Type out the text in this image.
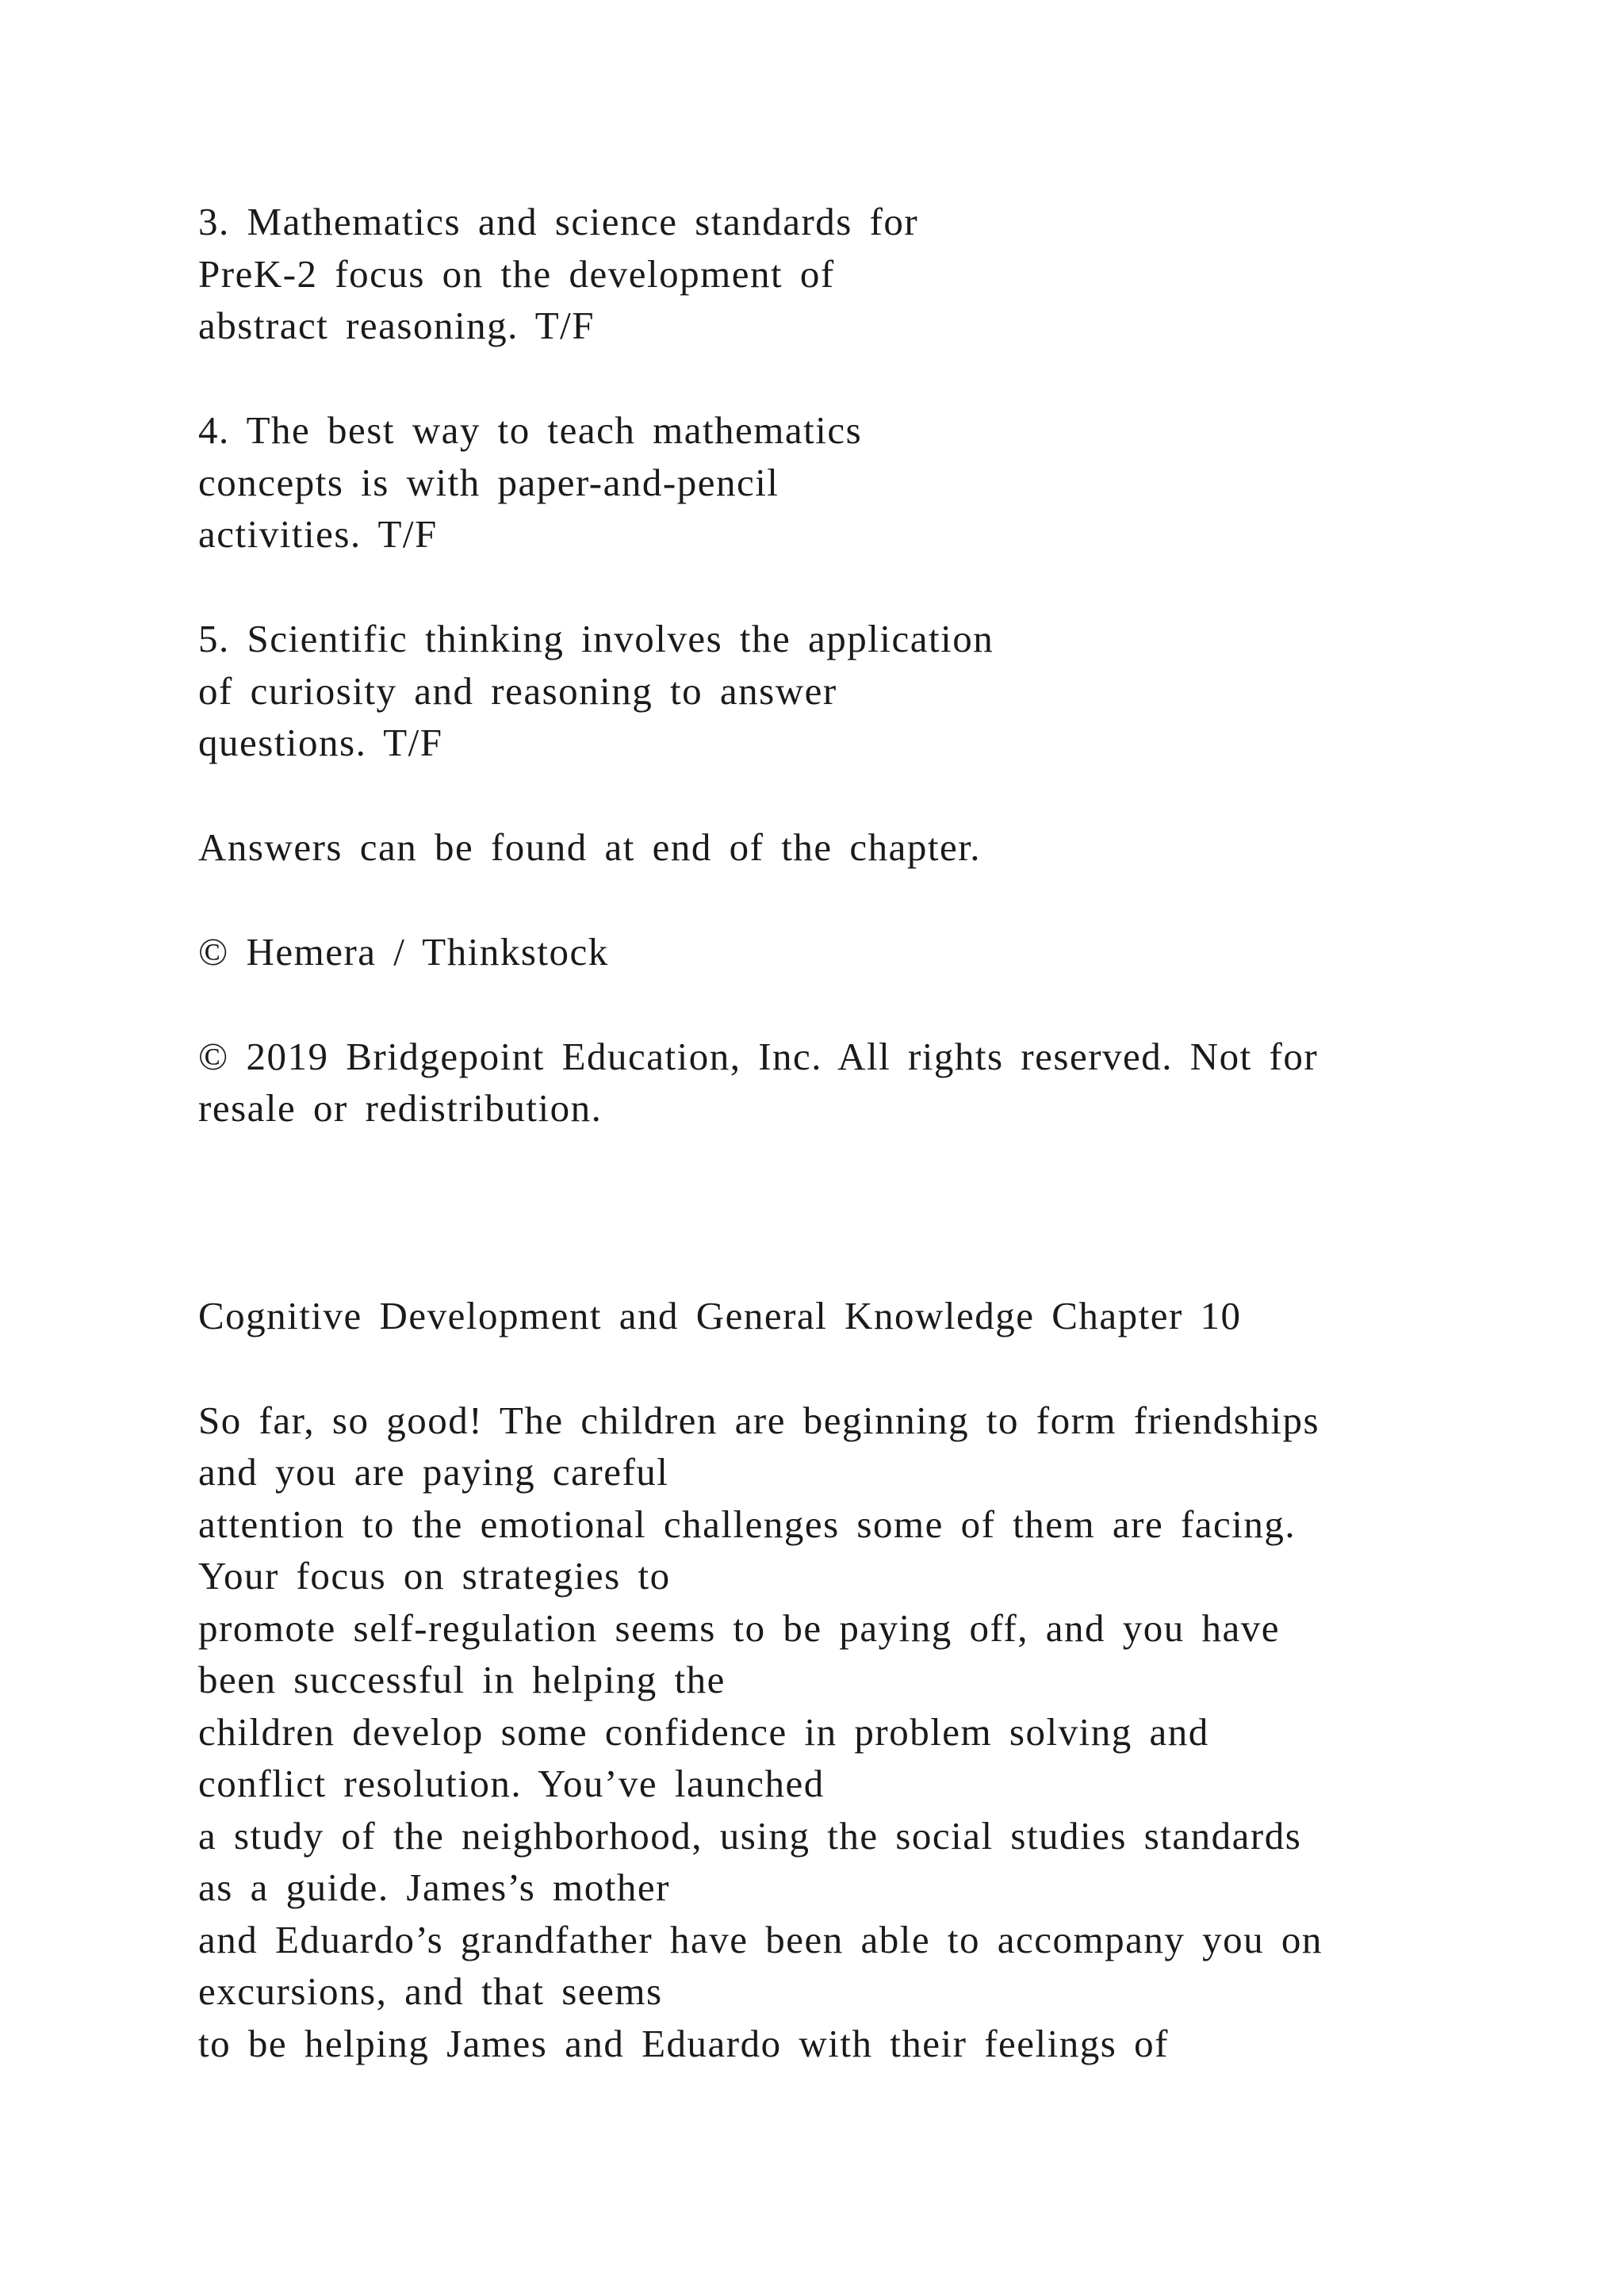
3. Mathematics and science standards for
PreK-2 focus on the development of
abstract reasoning. T/F
4. The best way to teach mathematics
concepts is with paper-and-pencil
activities. T/F
5. Scientific thinking involves the application
of curiosity and reasoning to answer
questions. T/F
Answers can be found at end of the chapter.
© Hemera / Thinkstock
© 2019 Bridgepoint Education, Inc. All rights reserved. Not for
resale or redistribution.
Cognitive Development and General Knowledge Chapter 10
So far, so good! The children are beginning to form friendships
and you are paying careful
attention to the emotional challenges some of them are facing.
Your focus on strategies to
promote self-regulation seems to be paying off, and you have
been successful in helping the
children develop some confidence in problem solving and
conflict resolution. You’ve launched
a study of the neighborhood, using the social studies standards
as a guide. James’s mother
and Eduardo’s grandfather have been able to accompany you on
excursions, and that seems
to be helping James and Eduardo with their feelings of
